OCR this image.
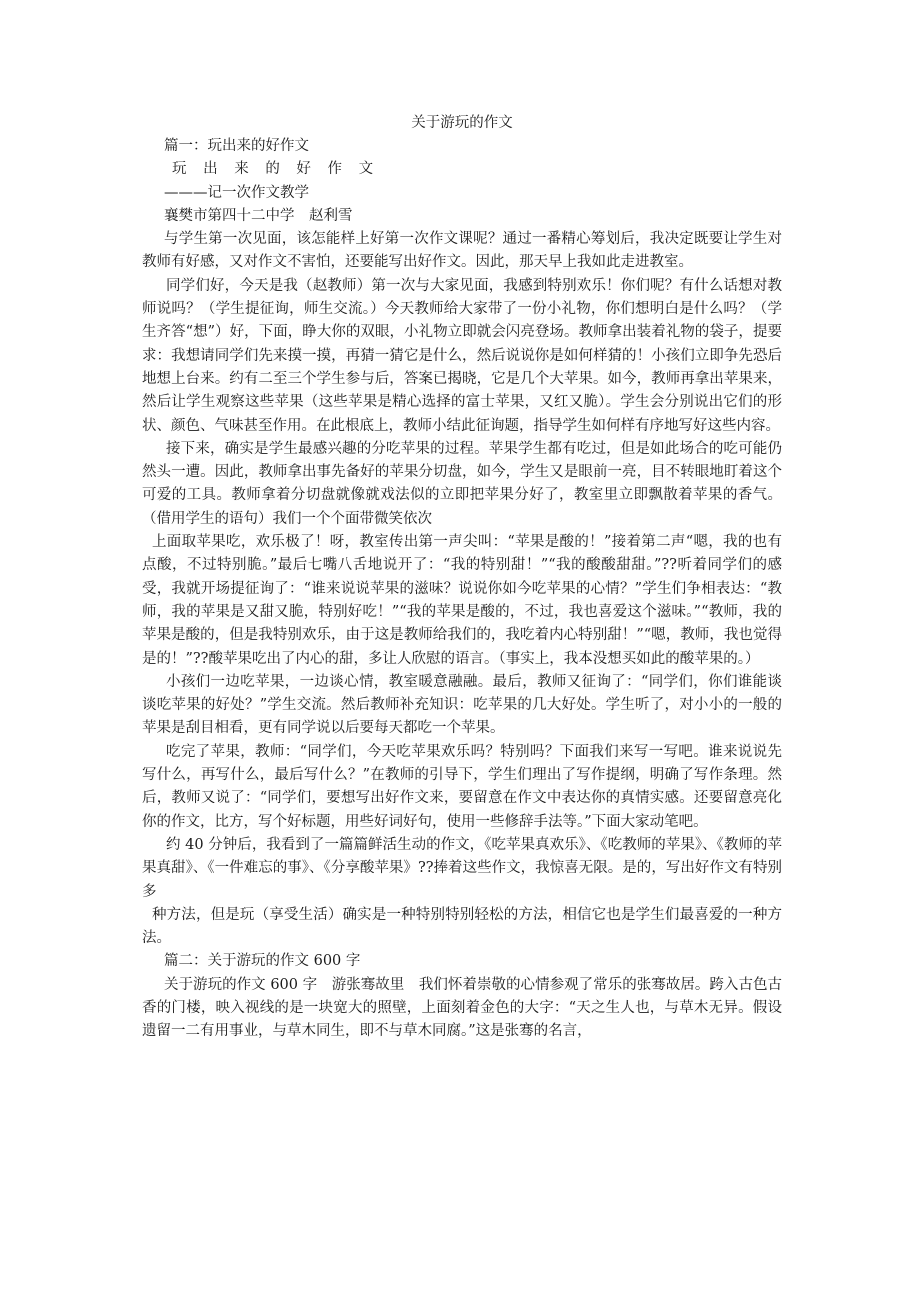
关于游玩的作文

篇一：玩出来的好作文

玩 出 来 的 好 作 文

———记一次作文教学

襄樊市第四十二中学　赵利雪

与学生第一次见面，该怎能样上好第一次作文课呢？通过一番精心筹划后，我决定既要让学生对教师有好感，又对作文不害怕，还要能写出好作文。因此，那天早上我如此走进教室。

同学们好，今天是我（赵教师）第一次与大家见面，我感到特别欢乐！你们呢？有什么话想对教师说吗？（学生提征询，师生交流。）今天教师给大家带了一份小礼物，你们想明白是什么吗？（学生齐答“想”）好，下面，睁大你的双眼，小礼物立即就会闪亮登场。教师拿出装着礼物的袋子，提要求：我想请同学们先来摸一摸，再猜一猜它是什么，然后说说你是如何样猜的！小孩们立即争先恐后地想上台来。约有二至三个学生参与后，答案已揭晓，它是几个大苹果。如今，教师再拿出苹果来，然后让学生观察这些苹果（这些苹果是精心选择的富士苹果，又红又脆）。学生会分别说出它们的形状、颜色、气味甚至作用。在此根底上，教师小结此征询题，指导学生如何样有序地写好这些内容。

接下来，确实是学生最感兴趣的分吃苹果的过程。苹果学生都有吃过，但是如此场合的吃可能仍然头一遭。因此，教师拿出事先备好的苹果分切盘，如今，学生又是眼前一亮，目不转眼地盯着这个可爱的工具。教师拿着分切盘就像就戏法似的立即把苹果分好了，教室里立即飘散着苹果的香气。（借用学生的语句）我们一个个面带微笑依次

上面取苹果吃，欢乐极了！呀，教室传出第一声尖叫：“苹果是酸的！”接着第二声“嗯，我的也有点酸，不过特别脆。”最后七嘴八舌地说开了：“我的特别甜！”“我的酸酸甜甜。”??听着同学们的感受，我就开场提征询了：“谁来说说苹果的滋味？说说你如今吃苹果的心情？”学生们争相表达：“教师，我的苹果是又甜又脆，特别好吃！”“我的苹果是酸的，不过，我也喜爱这个滋味。”“教师，我的苹果是酸的，但是我特别欢乐，由于这是教师给我们的，我吃着内心特别甜！”“嗯，教师，我也觉得是的！”??酸苹果吃出了内心的甜，多让人欣慰的语言。（事实上，我本没想买如此的酸苹果的。）

小孩们一边吃苹果，一边谈心情，教室暖意融融。最后，教师又征询了：“同学们，你们谁能谈谈吃苹果的好处？”学生交流。然后教师补充知识：吃苹果的几大好处。学生听了，对小小的一般的苹果是刮目相看，更有同学说以后要每天都吃一个苹果。

吃完了苹果，教师：“同学们，今天吃苹果欢乐吗？特别吗？下面我们来写一写吧。谁来说说先写什么，再写什么，最后写什么？”在教师的引导下，学生们理出了写作提纲，明确了写作条理。然后，教师又说了：“同学们，要想写出好作文来，要留意在作文中表达你的真情实感。还要留意亮化你的作文，比方，写个好标题，用些好词好句，使用一些修辞手法等。”下面大家动笔吧。

约 40 分钟后，我看到了一篇篇鲜活生动的作文，《吃苹果真欢乐》、《吃教师的苹果》、《教师的苹果真甜》、《一件难忘的事》、《分享酸苹果》??捧着这些作文，我惊喜无限。是的，写出好作文有特别多

种方法，但是玩（享受生活）确实是一种特别特别轻松的方法，相信它也是学生们最喜爱的一种方法。

篇二：关于游玩的作文 600 字

关于游玩的作文 600 字　游张骞故里　我们怀着崇敬的心情参观了常乐的张骞故居。跨入古色古香的门楼，映入视线的是一块宽大的照壁，上面刻着金色的大字：“天之生人也，与草木无异。假设遗留一二有用事业，与草木同生，即不与草木同腐。”这是张骞的名言，
